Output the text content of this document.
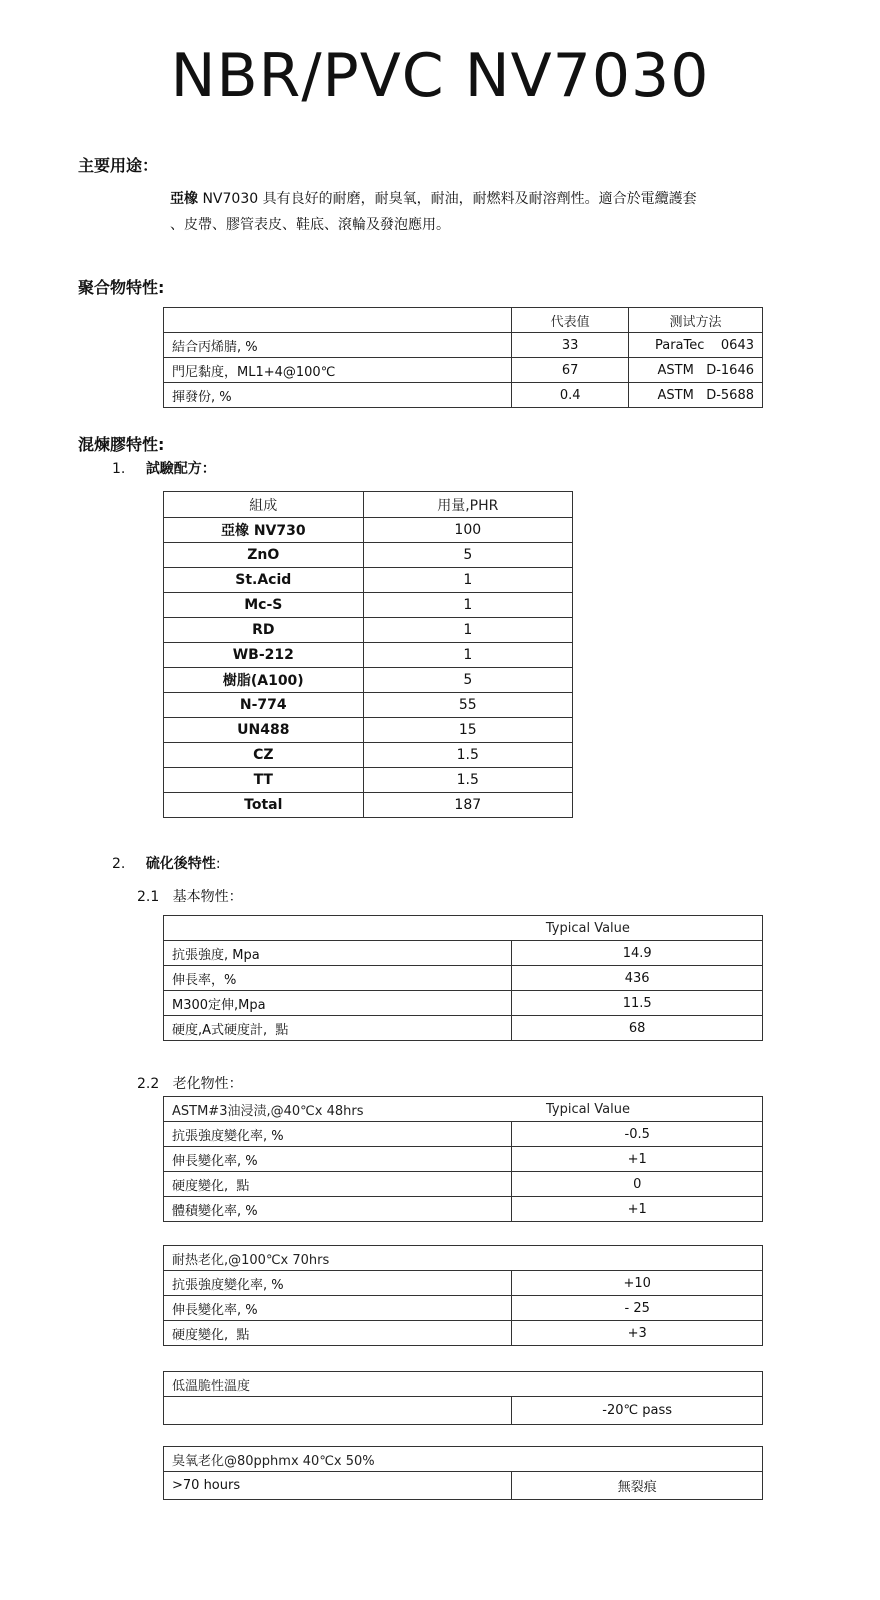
NBR/PVC NV7030
主要用途：
亞橡 NV7030 具有良好的耐磨，耐臭氧，耐油，耐燃料及耐溶劑性。適合於電纜護套
、皮帶、膠管表皮、鞋底、滾輪及發泡應用。
聚合物特性:
	代表值	测试方法
結合丙烯腈, %	33	ParaTec    0643
門尼黏度，ML1+4@100℃	67	ASTM   D-1646
揮發份, %	0.4	ASTM   D-5688
混煉膠特性:
1. 試驗配方：
組成	用量,PHR
亞橡 NV730	100
ZnO	5
St.Acid	1
Mc-S	1
RD	1
WB-212	1
樹脂(A100)	5
N-774	55
UN488	15
CZ	1.5
TT	1.5
Total	187
2. 硫化後特性:
2.1   基本物性：
	Typical Value
抗張強度, Mpa	14.9
伸長率，%	436
M300定伸,Mpa	11.5
硬度,A式硬度計,  點	68
2.2   老化物性：
ASTM#3油浸渍,@40℃x 48hrs	Typical Value
抗張強度變化率, %	-0.5
伸長變化率, %	+1
硬度變化,  點	0
體積變化率, %	+1
耐热老化,@100℃x 70hrs	
抗張強度變化率, %	+10
伸長變化率, %	- 25
硬度變化,  點	+3
低溫脆性溫度
	-20℃ pass
臭氧老化@80pphmx 40℃x 50%
>70 hours	無裂痕
